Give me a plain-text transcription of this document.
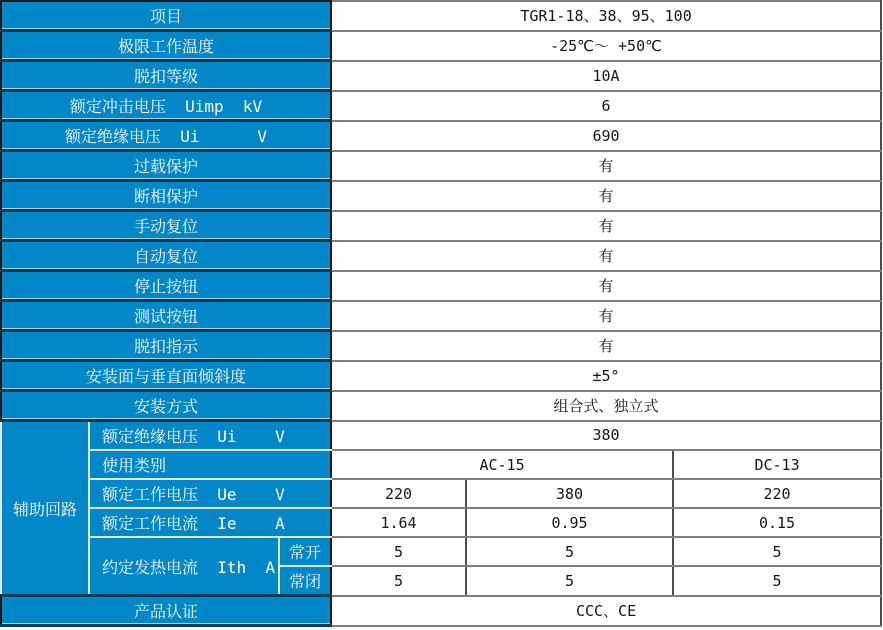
项目			TGR1-18、38、95、100		
极限工作温度			-25℃～ +50℃		
脱扣等级			10A		
额定冲击电压  Uimp  kV			6		
额定绝缘电压  Ui      V			690		
过载保护			有		
断相保护			有		
手动复位			有		
自动复位			有		
停止按钮			有		
测试按钮			有		
脱扣指示			有		
安装面与垂直面倾斜度			±5°		
安装方式			组合式、独立式		
辅助回路	额定绝缘电压  Ui    V		380		
	使用类别		AC-15		DC-13
	额定工作电压  Ue    V		220	380	220
	额定工作电流  Ie    A		1.64	0.95	0.15
	约定发热电流  Ith  A	常开	5	5	5
		常闭	5	5	5
产品认证			CCC、CE		
